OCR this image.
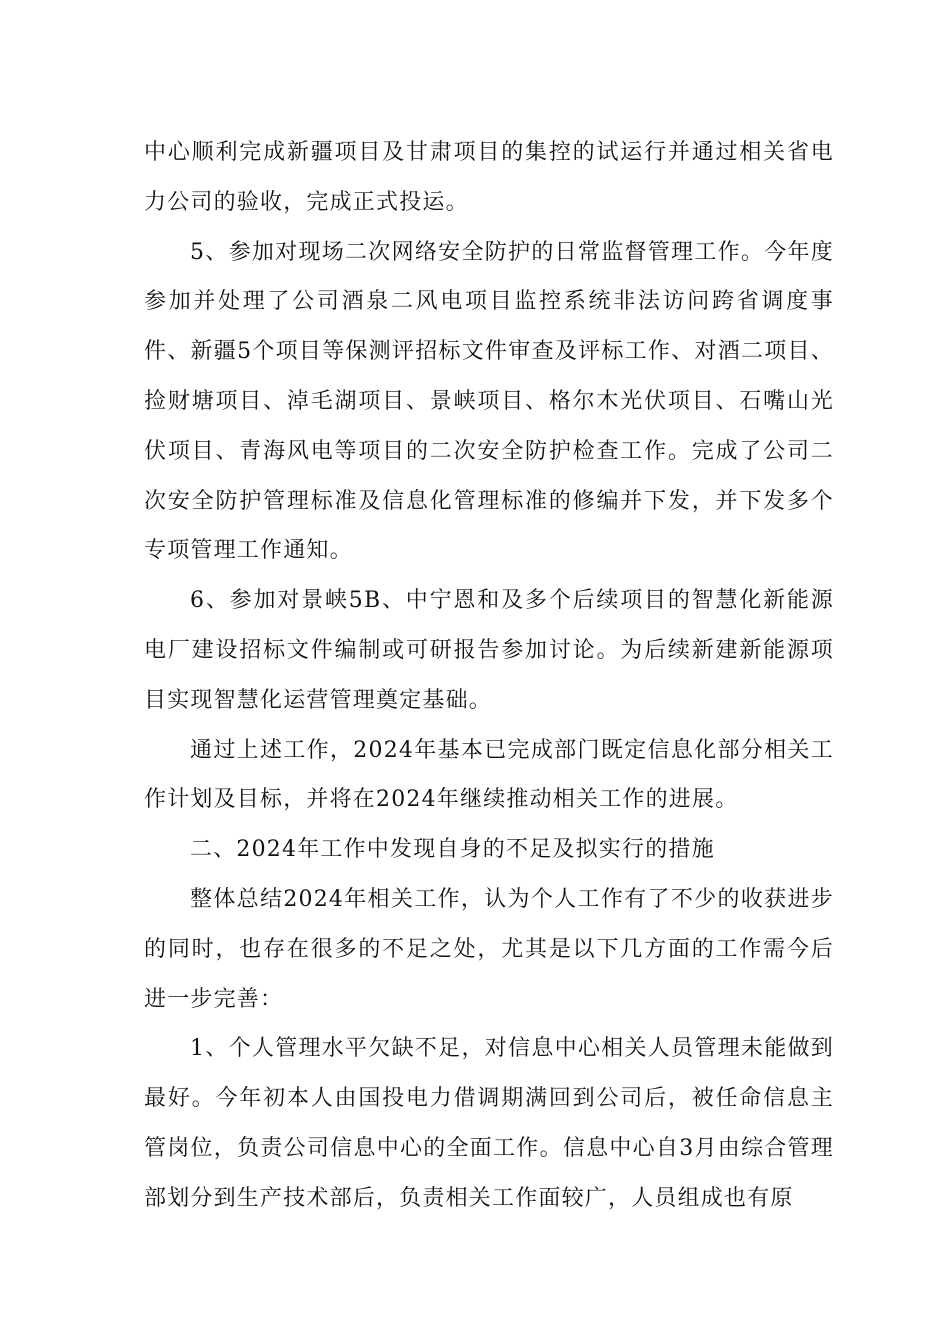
中心顺利完成新疆项目及甘肃项目的集控的试运行并通过相关省电力公司的验收，完成正式投运。

5、参加对现场二次网络安全防护的日常监督管理工作。今年度参加并处理了公司酒泉二风电项目监控系统非法访问跨省调度事件、新疆5个项目等保测评招标文件审查及评标工作、对酒二项目、捡财塘项目、淖毛湖项目、景峡项目、格尔木光伏项目、石嘴山光伏项目、青海风电等项目的二次安全防护检查工作。完成了公司二次安全防护管理标准及信息化管理标准的修编并下发，并下发多个专项管理工作通知。

6、参加对景峡5B、中宁恩和及多个后续项目的智慧化新能源电厂建设招标文件编制或可研报告参加讨论。为后续新建新能源项目实现智慧化运营管理奠定基础。

通过上述工作，2024年基本已完成部门既定信息化部分相关工作计划及目标，并将在2024年继续推动相关工作的进展。

二、2024年工作中发现自身的不足及拟实行的措施

整体总结2024年相关工作，认为个人工作有了不少的收获进步的同时，也存在很多的不足之处，尤其是以下几方面的工作需今后进一步完善：

1、个人管理水平欠缺不足，对信息中心相关人员管理未能做到最好。今年初本人由国投电力借调期满回到公司后，被任命信息主管岗位，负责公司信息中心的全面工作。信息中心自3月由综合管理部划分到生产技术部后，负责相关工作面较广，人员组成也有原
